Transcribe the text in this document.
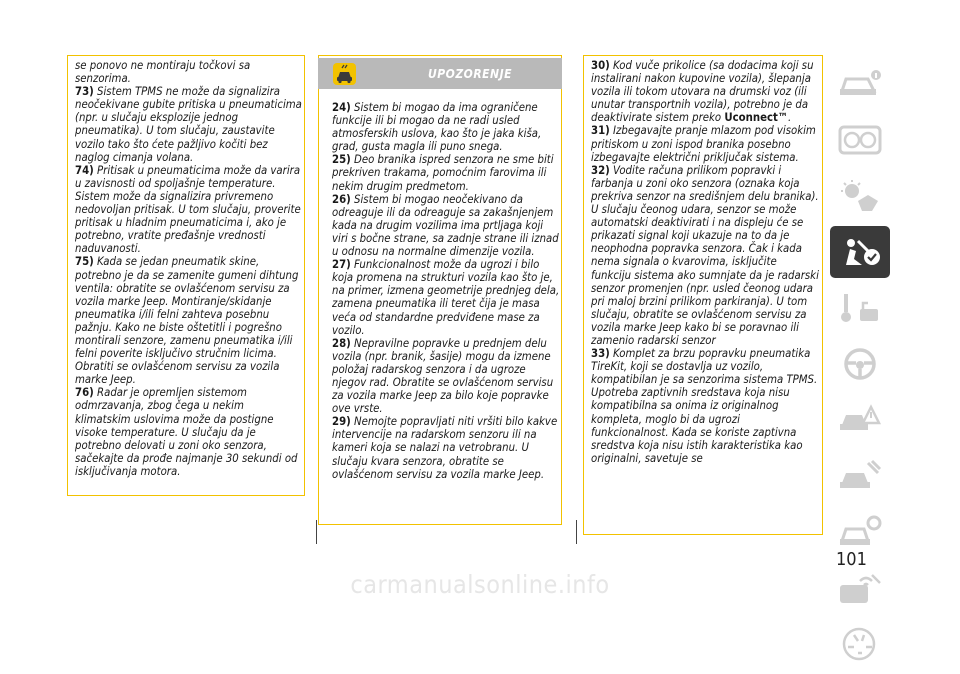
se ponovo ne montiraju točkovi sa senzorima.

73) Sistem TPMS ne može da signalizira neočekivane gubite pritiska u pneumaticima (npr. u slučaju eksplozije jednog pneumatika). U tom slučaju, zaustavite vozilo tako što ćete pažljivo kočiti bez naglog cimanja volana.

74) Pritisak u pneumaticima može da varira u zavisnosti od spoljašnje temperature. Sistem može da signalizira privremeno nedovoljan pritisak. U tom slučaju, proverite pritisak u hladnim pneumaticima i, ako je potrebno, vratite pređašnje vrednosti naduvanosti.

75) Kada se jedan pneumatik skine, potrebno je da se zamenite gumeni dihtung ventila: obratite se ovlašćenom servisu za vozila marke Jeep. Montiranje/skidanje pneumatika i/ili felni zahteva posebnu pažnju. Kako ne biste oštetitli i pogrešno montirali senzore, zamenu pneumatika i/ili felni poverite isključivo stručnim licima. Obratiti se ovlašćenom servisu za vozila marke Jeep.

76) Radar je opremljen sistemom odmrzavanja, zbog čega u nekim klimatskim uslovima može da postigne visoke temperature. U slučaju da je potrebno delovati u zoni oko senzora, sačekajte da prođe najmanje 30 sekundi od isključivanja motora.

UPOZORENJE

24) Sistem bi mogao da ima ograničene funkcije ili bi mogao da ne radi usled atmosferskih uslova, kao što je jaka kiša, grad, gusta magla ili puno snega.

25) Deo branika ispred senzora ne sme biti prekriven trakama, pomoćnim farovima ili nekim drugim predmetom.

26) Sistem bi mogao neočekivano da odreaguje ili da odreaguje sa zakašnjenjem kada na drugim vozilima ima prtljaga koji viri s bočne strane, sa zadnje strane ili iznad u odnosu na normalne dimenzije vozila.

27) Funkcionalnost može da ugrozi i bilo koja promena na strukturi vozila kao što je, na primer, izmena geometrije prednjeg dela, zamena pneumatika ili teret čija je masa veća od standardne predviđene mase za vozilo.

28) Nepravilne popravke u prednjem delu vozila (npr. branik, šasije) mogu da izmene položaj radarskog senzora i da ugroze njegov rad. Obratite se ovlašćenom servisu za vozila marke Jeep za bilo koje popravke ove vrste.

29) Nemojte popravljati niti vršiti bilo kakve intervencije na radarskom senzoru ili na kameri koja se nalazi na vetrobranu. U slučaju kvara senzora, obratite se ovlašćenom servisu za vozila marke Jeep.

30) Kod vuče prikolice (sa dodacima koji su instalirani nakon kupovine vozila), šlepanja vozila ili tokom utovara na drumski voz (ili unutar transportnih vozila), potrebno je da deaktivirate sistem preko Uconnect™.

31) Izbegavajte pranje mlazom pod visokim pritiskom u zoni ispod branika posebno izbegavajte električni priključak sistema.

32) Vodite računa prilikom popravki i farbanja u zoni oko senzora (oznaka koja prekriva senzor na središnjem delu branika). U slučaju čeonog udara, senzor se može automatski deaktivirati i na displeju će se prikazati signal koji ukazuje na to da je neophodna popravka senzora. Čak i kada nema signala o kvarovima, isključite funkciju sistema ako sumnjate da je radarski senzor promenjen (npr. usled čeonog udara pri maloj brzini prilikom parkiranja). U tom slučaju, obratite se ovlašćenom servisu za vozila marke Jeep kako bi se poravnao ili zamenio radarski senzor

33) Komplet za brzu popravku pneumatika TireKit, koji se dostavlja uz vozilo, kompatibilan je sa senzorima sistema TPMS. Upotreba zaptivnih sredstava koja nisu kompatibilna sa onima iz originalnog kompleta, moglo bi da ugrozi funkcionalnost. Kada se koriste zaptivna sredstva koja nisu istih karakteristika kao originalni, savetuje se

101
carmanualsonline.info
